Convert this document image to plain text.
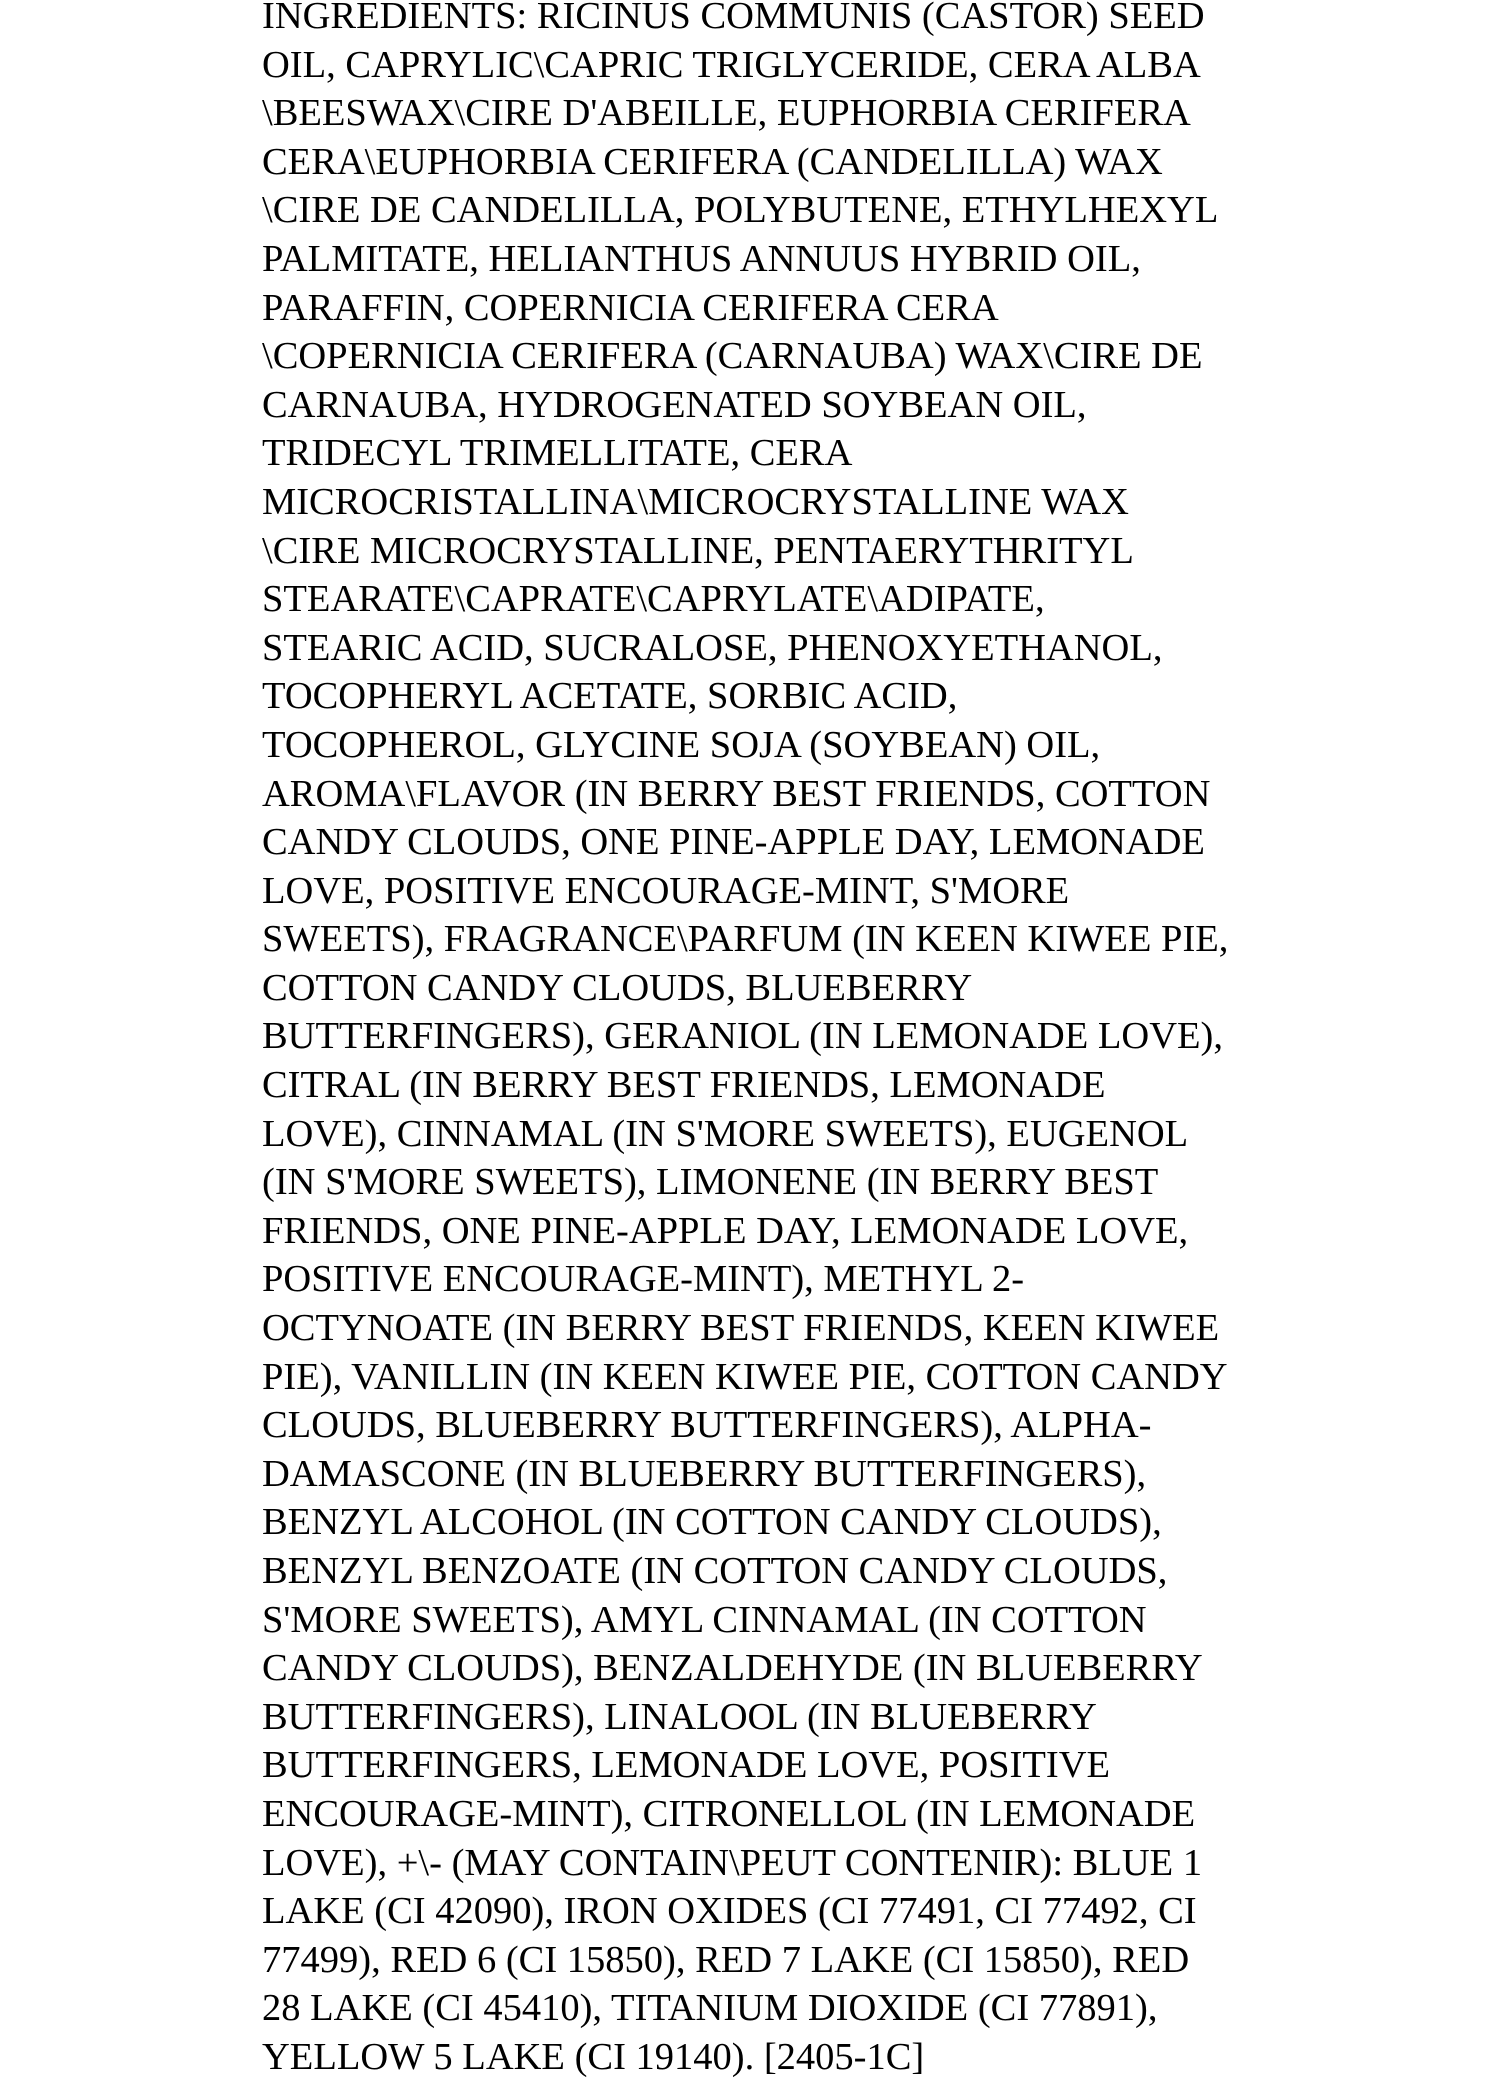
INGREDIENTS: RICINUS COMMUNIS (CASTOR) SEED
OIL, CAPRYLIC\CAPRIC TRIGLYCERIDE, CERA ALBA
\BEESWAX\CIRE D'ABEILLE, EUPHORBIA CERIFERA
CERA\EUPHORBIA CERIFERA (CANDELILLA) WAX
\CIRE DE CANDELILLA, POLYBUTENE, ETHYLHEXYL
PALMITATE, HELIANTHUS ANNUUS HYBRID OIL,
PARAFFIN, COPERNICIA CERIFERA CERA
\COPERNICIA CERIFERA (CARNAUBA) WAX\CIRE DE
CARNAUBA, HYDROGENATED SOYBEAN OIL,
TRIDECYL TRIMELLITATE, CERA
MICROCRISTALLINA\MICROCRYSTALLINE WAX
\CIRE MICROCRYSTALLINE, PENTAERYTHRITYL
STEARATE\CAPRATE\CAPRYLATE\ADIPATE,
STEARIC ACID, SUCRALOSE, PHENOXYETHANOL,
TOCOPHERYL ACETATE, SORBIC ACID,
TOCOPHEROL, GLYCINE SOJA (SOYBEAN) OIL,
AROMA\FLAVOR (IN BERRY BEST FRIENDS, COTTON
CANDY CLOUDS, ONE PINE-APPLE DAY, LEMONADE
LOVE, POSITIVE ENCOURAGE-MINT, S'MORE
SWEETS), FRAGRANCE\PARFUM (IN KEEN KIWEE PIE,
COTTON CANDY CLOUDS, BLUEBERRY
BUTTERFINGERS), GERANIOL (IN LEMONADE LOVE),
CITRAL (IN BERRY BEST FRIENDS, LEMONADE
LOVE), CINNAMAL (IN S'MORE SWEETS), EUGENOL
(IN S'MORE SWEETS), LIMONENE (IN BERRY BEST
FRIENDS, ONE PINE-APPLE DAY, LEMONADE LOVE,
POSITIVE ENCOURAGE-MINT), METHYL 2-
OCTYNOATE (IN BERRY BEST FRIENDS, KEEN KIWEE
PIE), VANILLIN (IN KEEN KIWEE PIE, COTTON CANDY
CLOUDS, BLUEBERRY BUTTERFINGERS), ALPHA-
DAMASCONE (IN BLUEBERRY BUTTERFINGERS),
BENZYL ALCOHOL (IN COTTON CANDY CLOUDS),
BENZYL BENZOATE (IN COTTON CANDY CLOUDS,
S'MORE SWEETS), AMYL CINNAMAL (IN COTTON
CANDY CLOUDS), BENZALDEHYDE (IN BLUEBERRY
BUTTERFINGERS), LINALOOL (IN BLUEBERRY
BUTTERFINGERS, LEMONADE LOVE, POSITIVE
ENCOURAGE-MINT), CITRONELLOL (IN LEMONADE
LOVE), +\- (MAY CONTAIN\PEUT CONTENIR): BLUE 1
LAKE (CI 42090), IRON OXIDES (CI 77491, CI 77492, CI
77499), RED 6 (CI 15850), RED 7 LAKE (CI 15850), RED
28 LAKE (CI 45410), TITANIUM DIOXIDE (CI 77891),
YELLOW 5 LAKE (CI 19140). [2405-1C]
